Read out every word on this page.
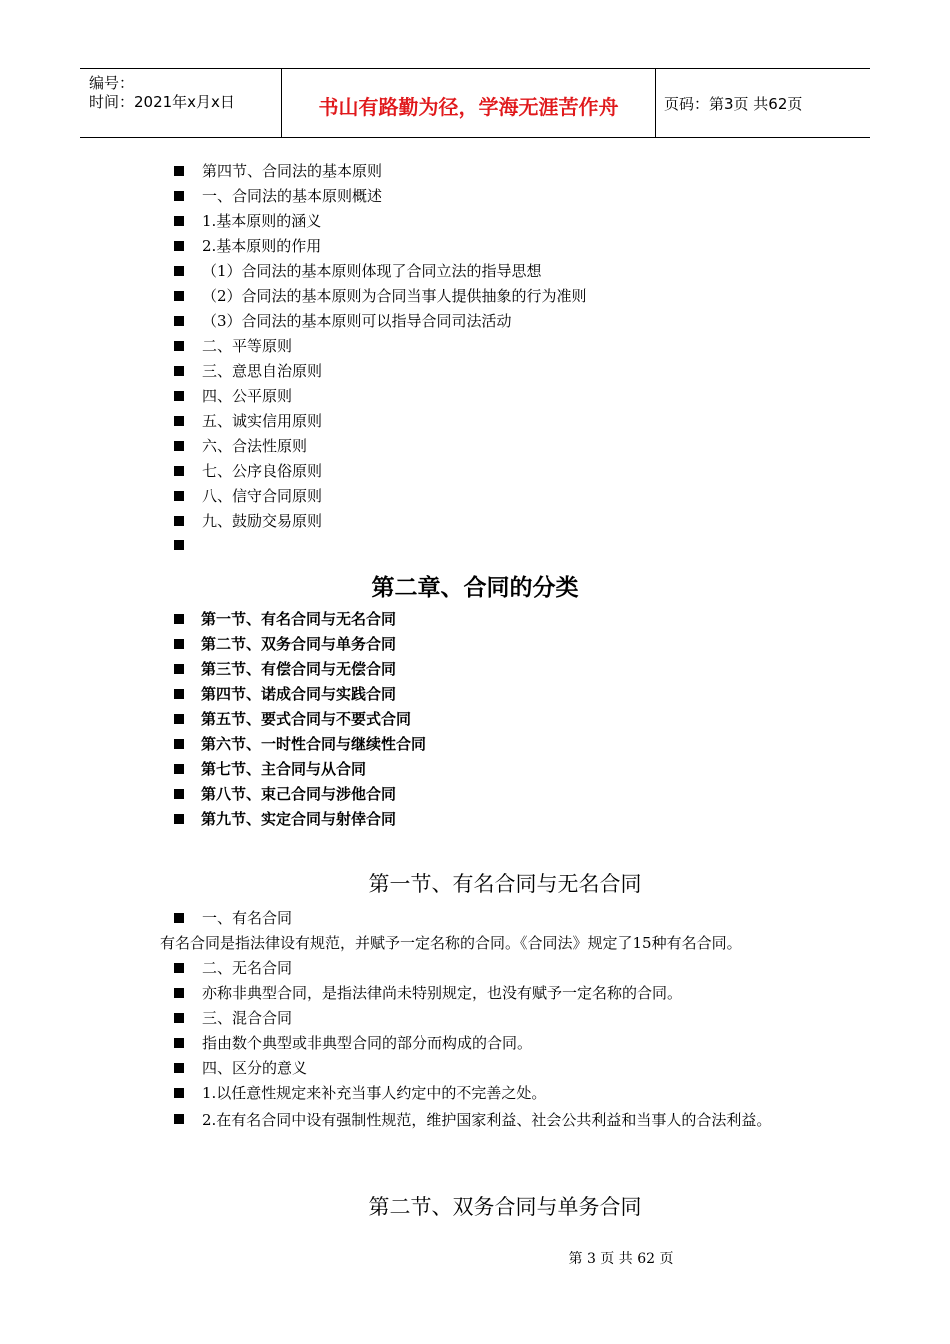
编号：
时间：2021年x月x日	书山有路勤为径，学海无涯苦作舟	页码：第3页 共62页
第四节、合同法的基本原则
一、合同法的基本原则概述
1.基本原则的涵义
2.基本原则的作用
（1）合同法的基本原则体现了合同立法的指导思想
（2）合同法的基本原则为合同当事人提供抽象的行为准则
（3）合同法的基本原则可以指导合同司法活动
二、平等原则
三、意思自治原则
四、公平原则
五、诚实信用原则
六、合法性原则
七、公序良俗原则
八、信守合同原则
九、鼓励交易原则
第二章、合同的分类
第一节、有名合同与无名合同
第二节、双务合同与单务合同
第三节、有偿合同与无偿合同
第四节、诺成合同与实践合同
第五节、要式合同与不要式合同
第六节、一时性合同与继续性合同
第七节、主合同与从合同
第八节、束己合同与涉他合同
第九节、实定合同与射倖合同
第一节、有名合同与无名合同
一、有名合同
有名合同是指法律设有规范，并赋予一定名称的合同。《合同法》规定了15种有名合同。
二、无名合同
亦称非典型合同，是指法律尚未特别规定，也没有赋予一定名称的合同。
三、混合合同
指由数个典型或非典型合同的部分而构成的合同。
四、区分的意义
1.以任意性规定来补充当事人约定中的不完善之处。
2.在有名合同中设有强制性规范，维护国家利益、社会公共利益和当事人的合法利益。
第二节、双务合同与单务合同
第 3 页 共 62 页
